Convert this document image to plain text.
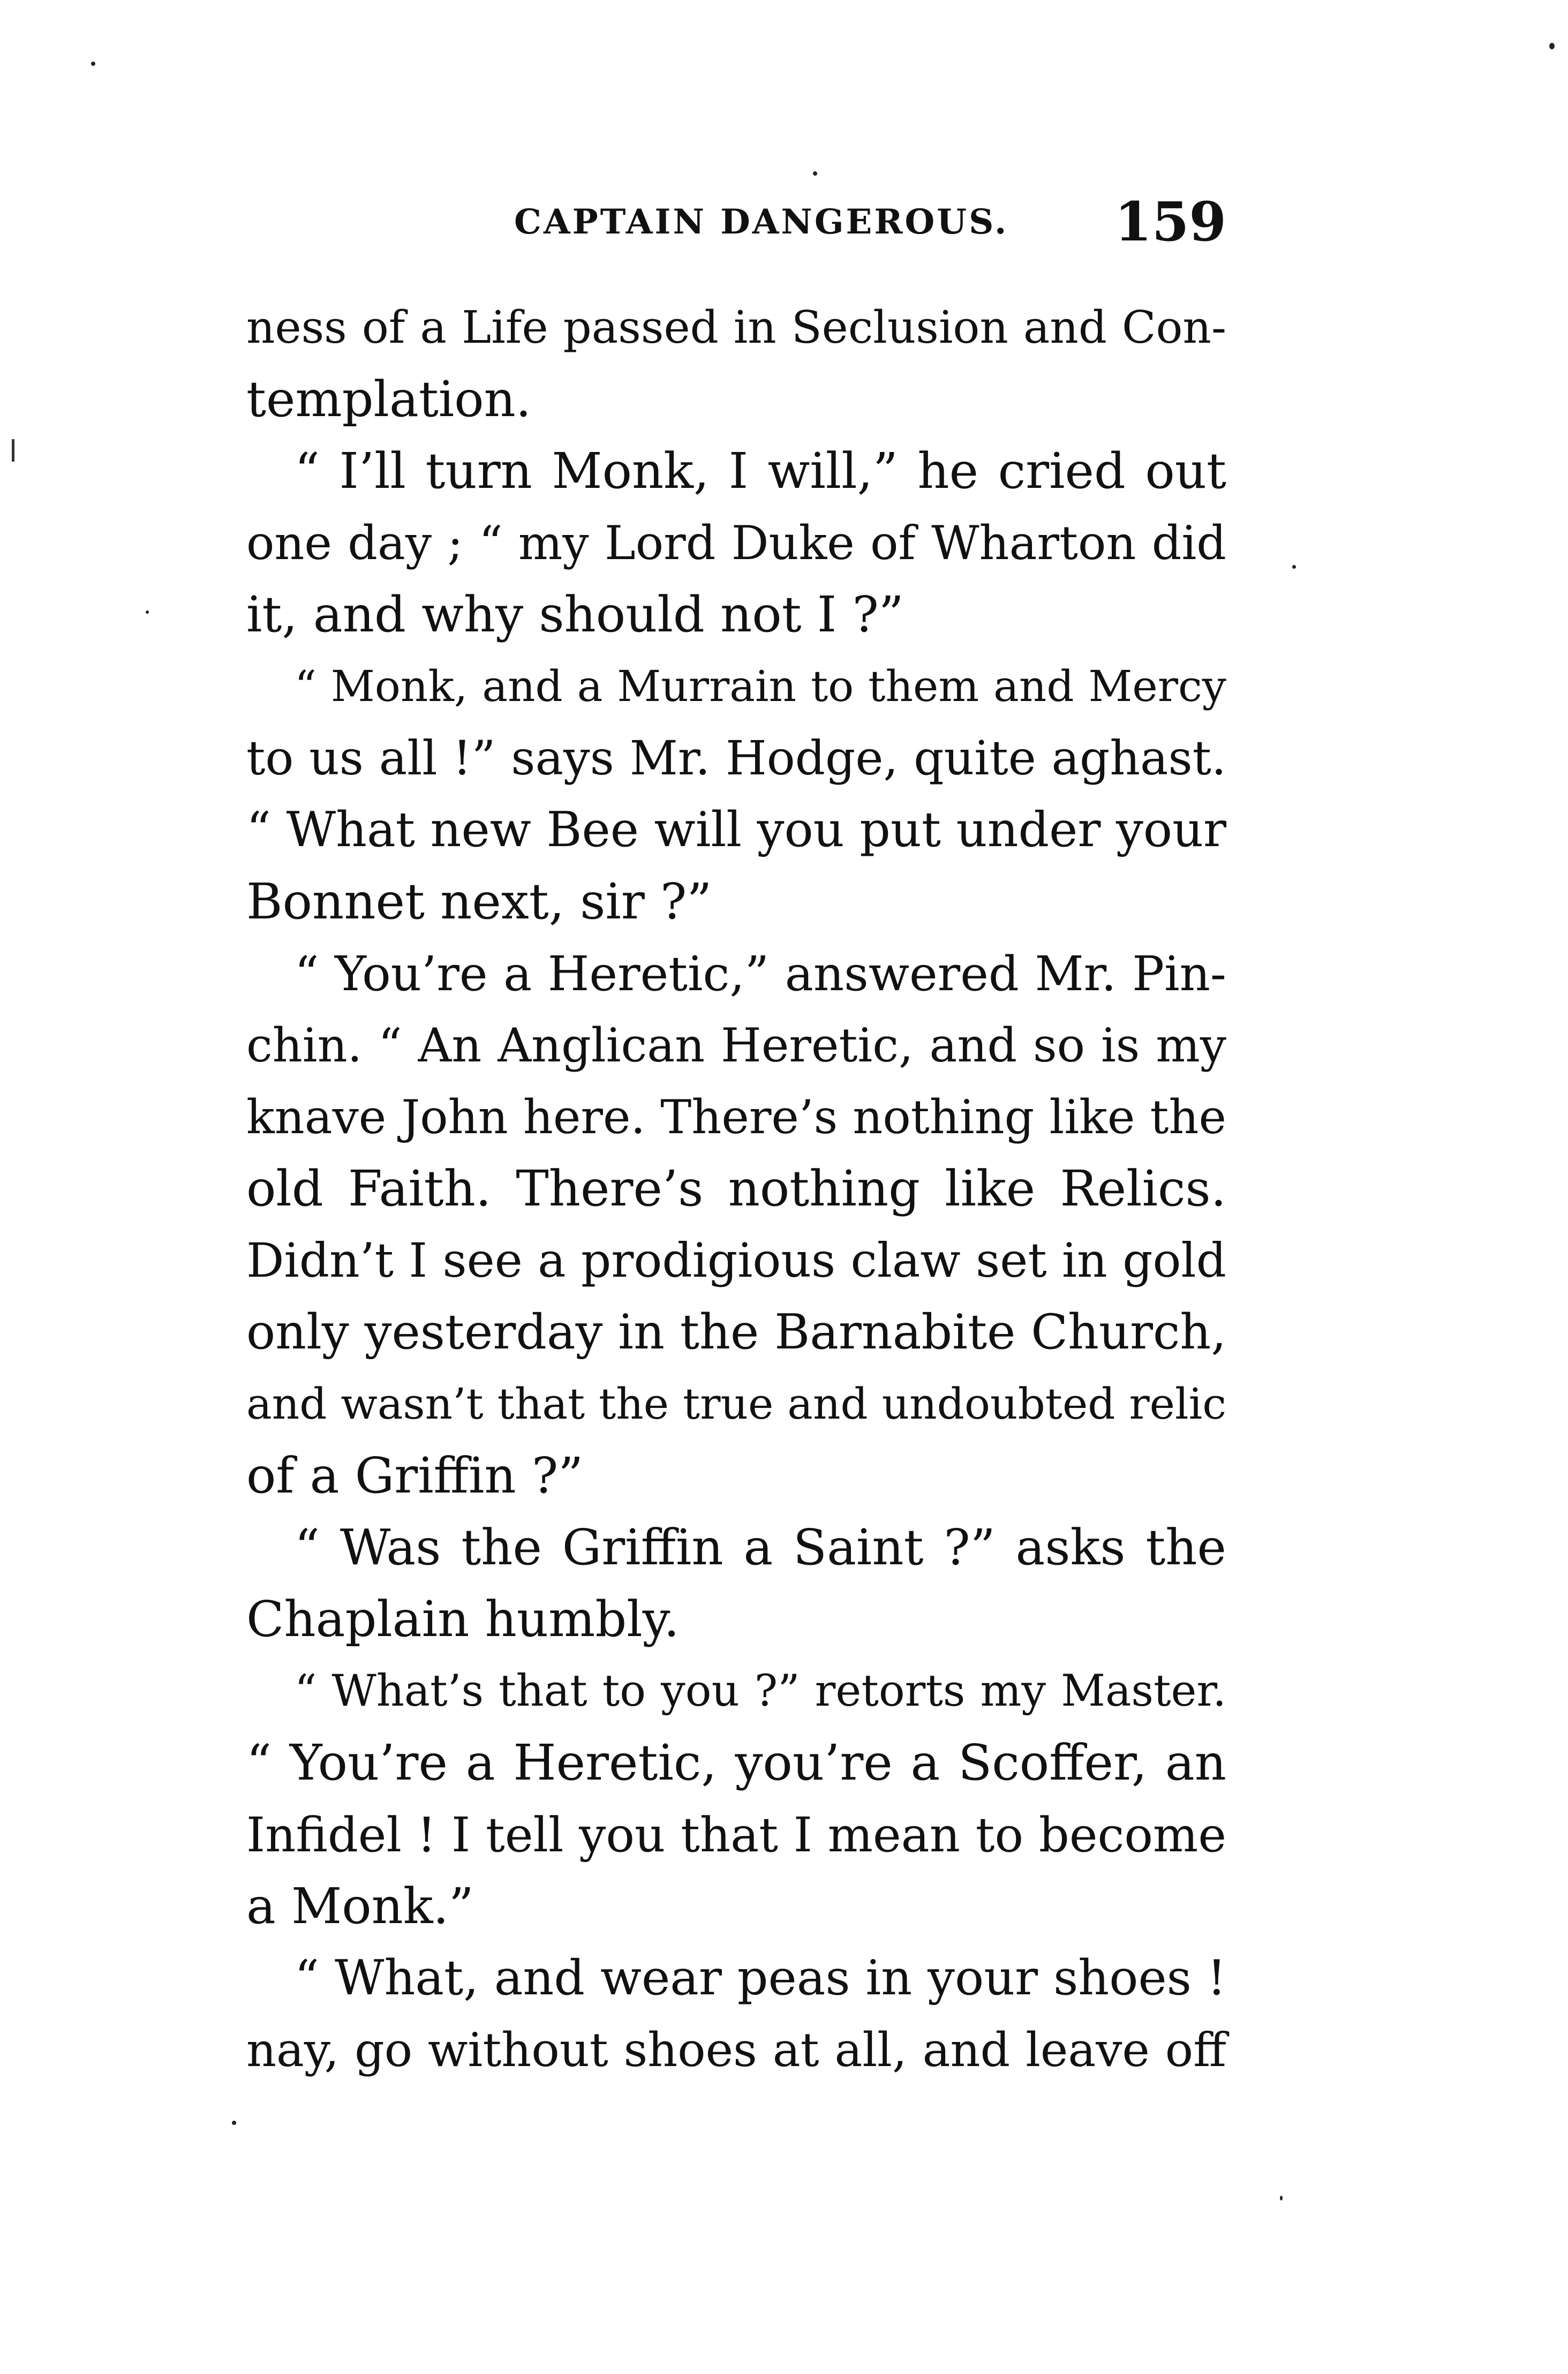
CAPTAIN DANGEROUS. 159
ness of a Life passed in Seclusion and Con-
templation.
“ I’ll turn Monk, I will,” he cried out
one day ; “ my Lord Duke of Wharton did
it, and why should not I ?”
“ Monk, and a Murrain to them and Mercy
to us all !” says Mr. Hodge, quite aghast.
“ What new Bee will you put under your
Bonnet next, sir ?”
“ You’re a Heretic,” answered Mr. Pin-
chin. “ An Anglican Heretic, and so is my
knave John here. There’s nothing like the
old Faith. There’s nothing like Relics.
Didn’t I see a prodigious claw set in gold
only yesterday in the Barnabite Church,
and wasn’t that the true and undoubted relic
of a Griffin ?”
“ Was the Griffin a Saint ?” asks the
Chaplain humbly.
“ What’s that to you ?” retorts my Master.
“ You’re a Heretic, you’re a Scoffer, an
Infidel ! I tell you that I mean to become
a Monk.”
“ What, and wear peas in your shoes !
nay, go without shoes at all, and leave off
